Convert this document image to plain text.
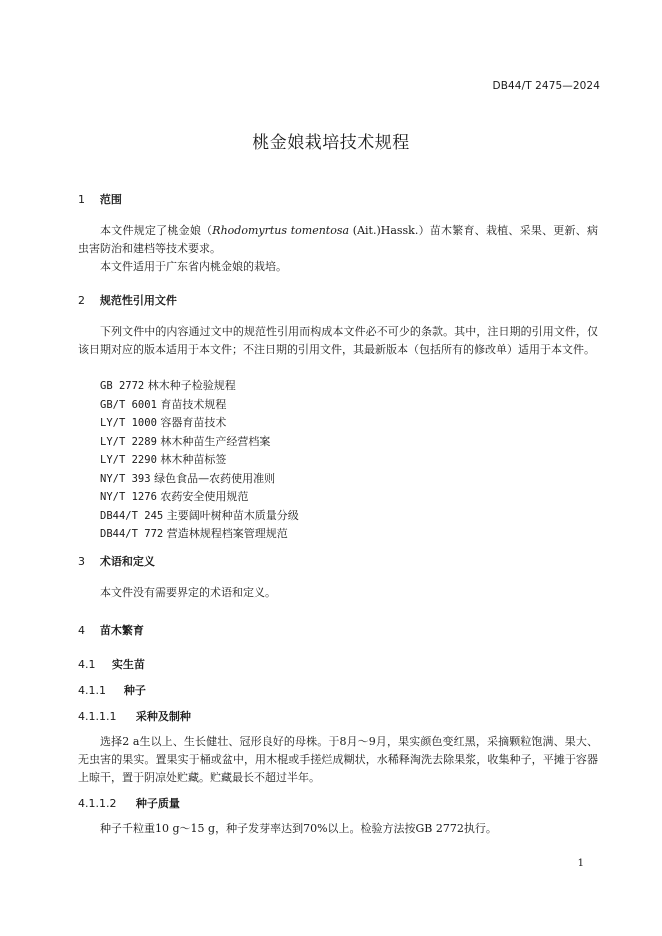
DB44/T 2475—2024
桃金娘栽培技术规程
1 范围
本文件规定了桃金娘（Rhodomyrtus tomentosa (Ait.)Hassk.）苗木繁育、栽植、采果、更新、病虫害防治和建档等技术要求。
本文件适用于广东省内桃金娘的栽培。
2 规范性引用文件
下列文件中的内容通过文中的规范性引用而构成本文件必不可少的条款。其中，注日期的引用文件，仅该日期对应的版本适用于本文件；不注日期的引用文件，其最新版本（包括所有的修改单）适用于本文件。
GB 2772 林木种子检验规程
GB/T 6001 育苗技术规程
LY/T 1000 容器育苗技术
LY/T 2289 林木种苗生产经营档案
LY/T 2290 林木种苗标签
NY/T 393 绿色食品—农药使用准则
NY/T 1276 农药安全使用规范
DB44/T 245 主要阔叶树种苗木质量分级
DB44/T 772 营造林规程档案管理规范
3 术语和定义
本文件没有需要界定的术语和定义。
4 苗木繁育
4.1 实生苗
4.1.1 种子
4.1.1.1 采种及制种
选择2 a生以上、生长健壮、冠形良好的母株。于8月～9月，果实颜色变红黑，采摘颗粒饱满、果大、无虫害的果实。置果实于桶或盆中，用木棍或手搓烂成糊状，水稀释淘洗去除果浆，收集种子，平摊于容器上晾干，置于阴凉处贮藏。贮藏最长不超过半年。
4.1.1.2 种子质量
种子千粒重10 g～15 g，种子发芽率达到70%以上。检验方法按GB 2772执行。
1
